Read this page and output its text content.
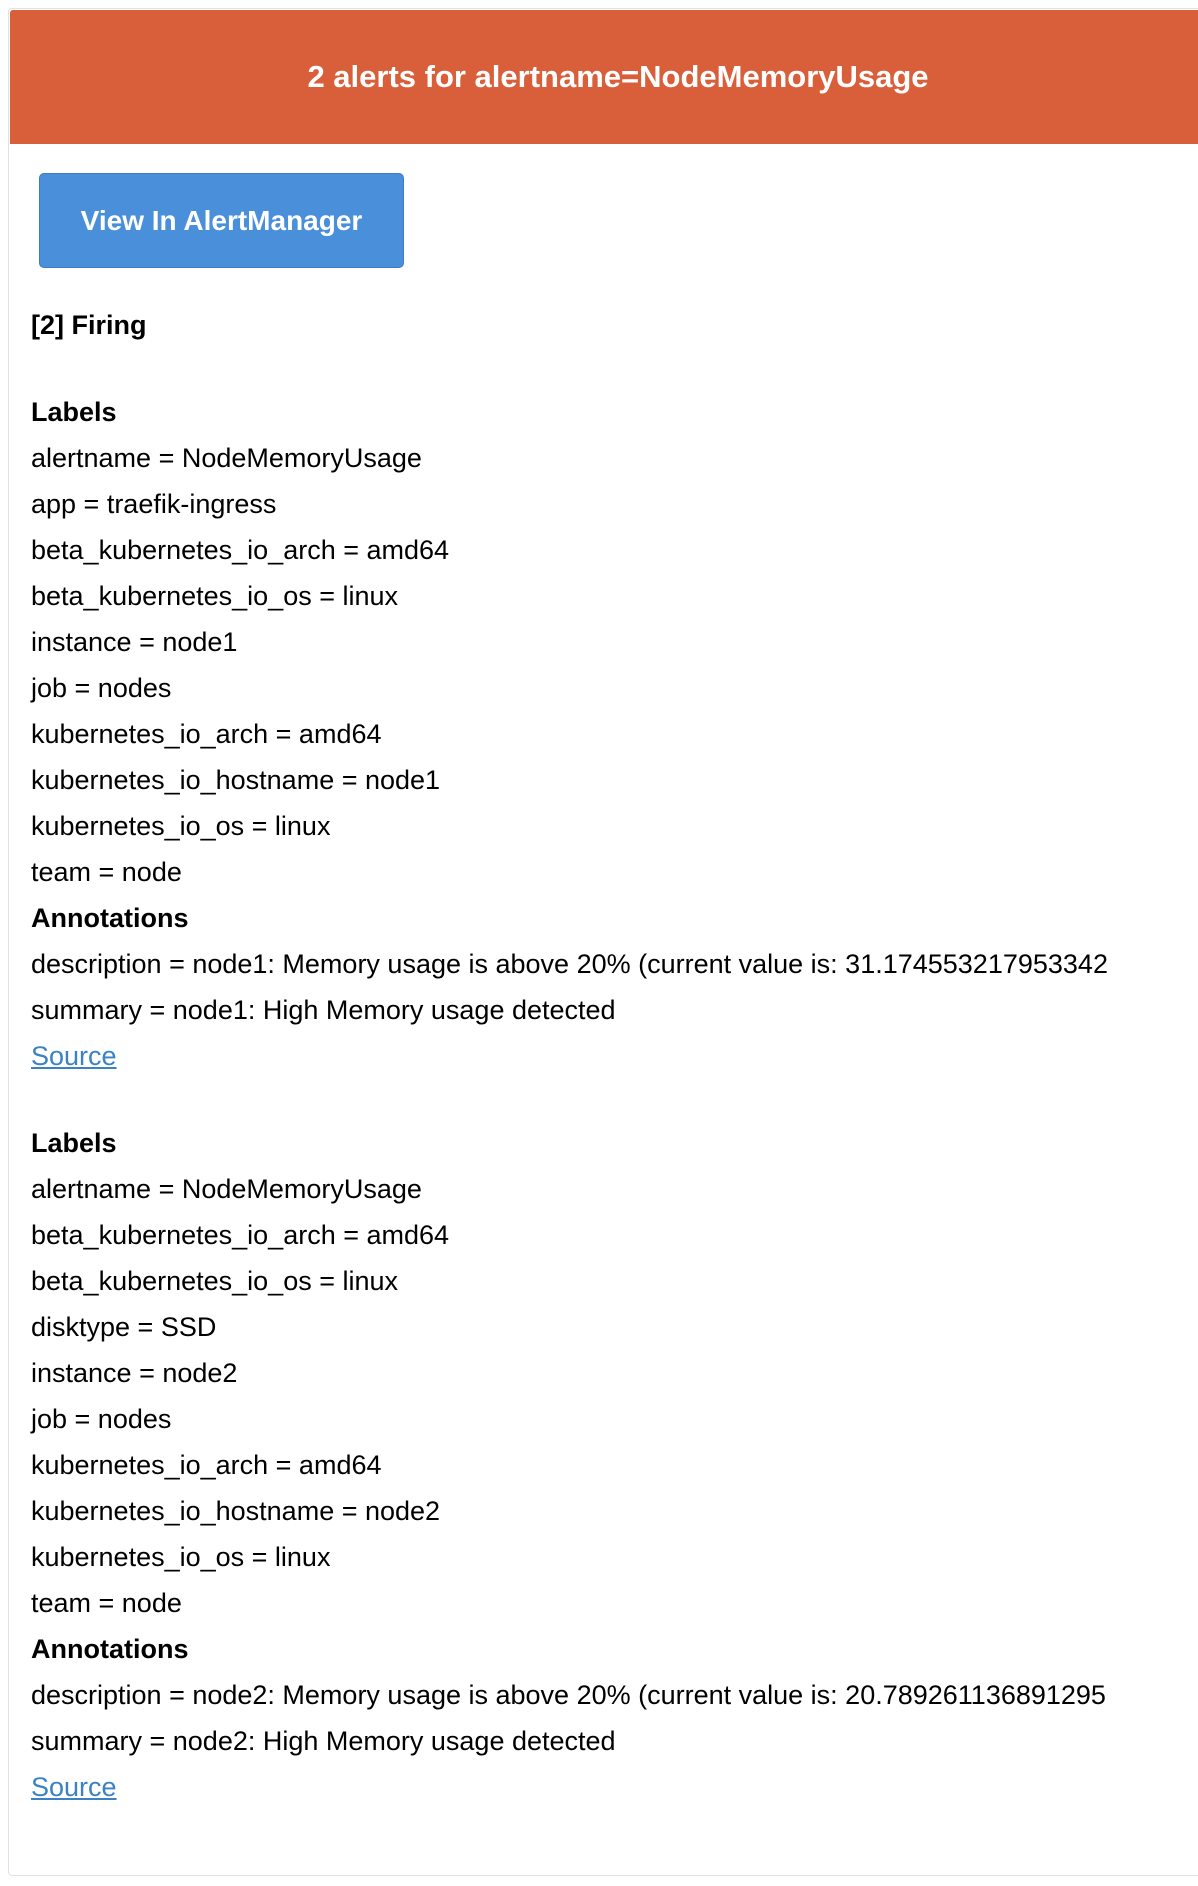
2 alerts for alertname=NodeMemoryUsage
View In AlertManager
[2] Firing
Labels
alertname = NodeMemoryUsage
app = traefik-ingress
beta_kubernetes_io_arch = amd64
beta_kubernetes_io_os = linux
instance = node1
job = nodes
kubernetes_io_arch = amd64
kubernetes_io_hostname = node1
kubernetes_io_os = linux
team = node
Annotations
description = node1: Memory usage is above 20% (current value is: 31.174553217953342
summary = node1: High Memory usage detected
Source
Labels
alertname = NodeMemoryUsage
beta_kubernetes_io_arch = amd64
beta_kubernetes_io_os = linux
disktype = SSD
instance = node2
job = nodes
kubernetes_io_arch = amd64
kubernetes_io_hostname = node2
kubernetes_io_os = linux
team = node
Annotations
description = node2: Memory usage is above 20% (current value is: 20.789261136891295
summary = node2: High Memory usage detected
Source
